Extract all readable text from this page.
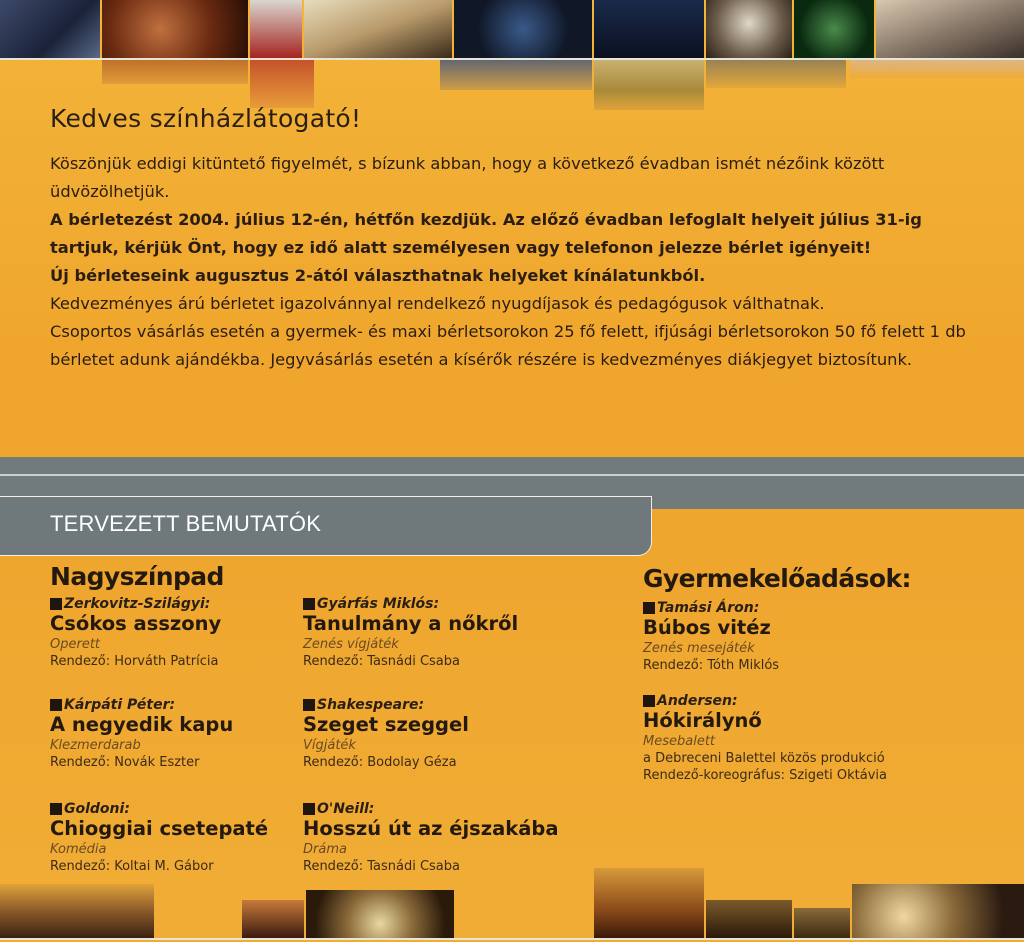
Kedves színházlátogató!

Köszönjük eddigi kitüntető figyelmét, s bízunk abban, hogy a következő évadban ismét nézőink között üdvözölhetjük.

A bérletezést 2004. július 12-én, hétfőn kezdjük. Az előző évadban lefoglalt helyeit július 31-ig tartjuk, kérjük Önt, hogy ez idő alatt személyesen vagy telefonon jelezze bérlet igényeit!

Új bérleteseink augusztus 2-ától választhatnak helyeket kínálatunkból.

Kedvezményes árú bérletet igazolvánnyal rendelkező nyugdíjasok és pedagógusok válthatnak.

Csoportos vásárlás esetén a gyermek- és maxi bérletsorokon 25 fő felett, ifjúsági bérletsorokon 50 fő felett 1 db bérletet adunk ajándékba. Jegyvásárlás esetén a kísérők részére is kedvezményes diákjegyet biztosítunk.

TERVEZETT BEMUTATÓK
Nagyszínpad
Zerkovitz-Szilágyi:
Csókos asszony
Operett
Rendező: Horváth Patrícia
Kárpáti Péter:
A negyedik kapu
Klezmerdarab
Rendező: Novák Eszter
Goldoni:
Chioggiai csetepaté
Komédia
Rendező: Koltai M. Gábor
Gyárfás Miklós:
Tanulmány a nőkről
Zenés vígjáték
Rendező: Tasnádi Csaba
Shakespeare:
Szeget szeggel
Vígjáték
Rendező: Bodolay Géza
O'Neill:
Hosszú út az éjszakába
Dráma
Rendező: Tasnádi Csaba
Gyermekelőadások:
Tamási Áron:
Búbos vitéz
Zenés mesejáték
Rendező: Tóth Miklós
Andersen:
Hókirálynő
Mesebalett
a Debreceni Balettel közös produkció
Rendező-koreográfus: Szigeti Oktávia
